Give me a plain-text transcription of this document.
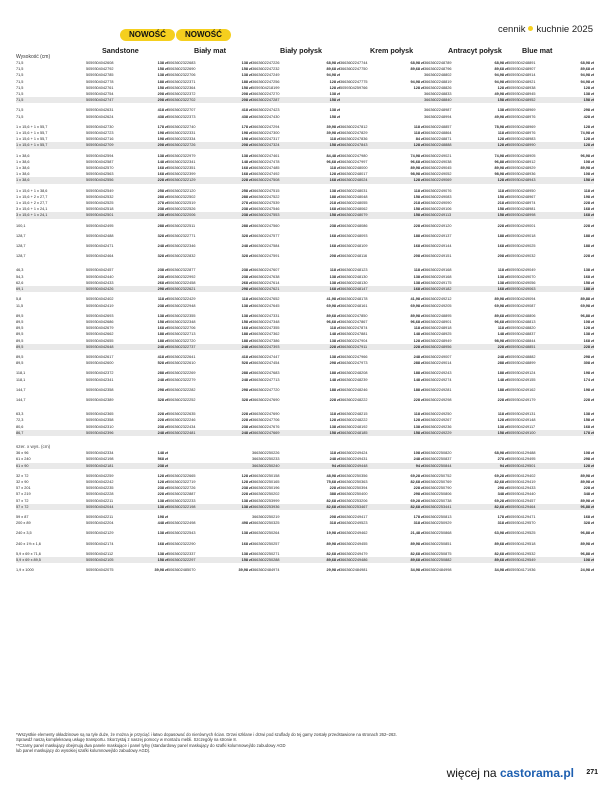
NOWOŚĆ	NOWOŚĆ	cennik kuchnie 2025
Wysokość (cm)
Sandstone	Biały mat	Biały połysk	Krem połysk	Antracyt połysk	Blue mat
71,5	5059304042608	138 zł	5063602322683	138 zł	3663602247226	68,98 zł	3663602247744	68,98 zł	3663602248789	68,98 zł	5059304248891	68,98 zł
71,5	5059304042792	158 zł	5063602322690	158 zł	3663602247232	89,68 zł	3663602247750	89,68 zł	3663602248796	89,68 zł	5059304248907	89,68 zł
71,5	5059304042785	138 zł	5063602322706	138 zł	3663602247249	94,98 zł			3663602248802	94,98 zł	5059304248914	94,98 zł
71,5	5059304042778	188 zł	5063602322371	188 zł	3663602247256	128 zł	3663602247775	94,98 zł	3663602248819	94,98 zł	5059304248921	94,98 zł
71,5	5059304042761	158 zł	5063602322364	158 zł	5059304218199	128 zł	5059304259766	128 zł	3663602248826	128 zł	5059304248938	128 zł
71,5	5059304042754	208 zł	5063602322372	208 zł	3663602247270	138 zł			3663602248833	49,98 zł	5059304248945	138 zł
71,5	5059304042747	208 zł	5063602322702	208 zł	3663602247287	158 zł			3663602248840	158 zł	5059304248952	158 zł

71,5	5059304042631	418 zł	5063602322707	418 zł	3663602247423	138 zł			3663602248987	138 zł	5059304248969	298 zł
71,5	5059304042624	438 zł	5063602322373	438 zł	3663602247430	158 zł			3663602248994	49,98 zł	5059304248976	428 zł

1 x 15,6 + 1 x 55,7	5059304042730	178 zł	5063602322740	178 zł	3663602247294	39,98 zł	3663602247812	118 zł	3663602248857	78,98 zł	5059304248969	128 zł
1 x 15,6 + 1 x 55,7	5059304042723	198 zł	5063602322331	198 zł	3663602247300	39,98 zł	3663602247829	118 zł	3663602248864	118 zł	5059304248976	74,98 zł
1 x 15,6 + 1 x 55,7	5059304042716	198 zł	5063602322334	198 zł	3663602247317	118 zł	3663602247836	84 zł	3663602248871	128 zł	5059304248983	128 zł
1 x 15,6 + 1 x 55,7	5059304042709	208 zł	5063602322726	208 zł	3663602247324	158 zł	3663602247843	128 zł	3663602248888	128 zł	5059304248990	128 zł

1 x 38,6	5059304042594	138 zł	5063602322979	138 zł	3663602247461	84,48 zł	3663602247980	74,98 zł	3663602249021	74,98 zł	5059304248905	96,98 zł
1 x 38,6	5059304042587	148 zł	5063602322341	148 zł	3663602247478	96,68 zł	3663602247997	96,68 zł	3663602249038	96,88 zł	5059304248912	108 zł
1 x 38,6	5059304042570	168 zł	5063602322351	168 zł	3663602247485	118 zł	3663602248000	89,98 zł	3663602249045	89,98 zł	5059304248929	89,98 zł
1 x 38,6	5059304042563	168 zł	5063602322399	168 zł	3663602247492	128 zł	3663602248017	98,98 zł	3663602249052	98,98 zł	5059304248936	108 zł
1 x 38,6	5059304042556	228 zł	5063602322129	228 zł	3663602247508	168 zł	3663602248024	128 zł	3663602249069	128 zł	5059304248943	158 zł

1 x 15,6 + 1 x 38,6	5059304042549	258 zł	5063602322120	258 zł	3663602247515	138 zł	3663602248031	118 zł	3663602249076	118 zł	5059304248950	118 zł
1 x 15,6 + 2 x 27,7	5059304042532	288 zł	5063602322502	288 zł	3663602247522	188 zł	3663602248048	158 zł	3663602249083	158 zł	5059304248967	198 zł
1 x 15,6 + 2 x 27,7	5059304042525	278 zł	5063602322519	278 zł	3663602247539	218 zł	3663602248055	218 zł	3663602249090	218 zł	5059304248974	228 zł
3 x 15,6 + 1 x 24,1	5059304042518	238 zł	5063602322526	238 zł	3663602247546	168 zł	3663602248062	158 zł	3663602249106	158 zł	5059304248981	168 zł
3 x 15,6 + 1 x 24,1	5059304042501	238 zł	5063602322006	238 zł	3663602247553	158 zł	3663602248079	158 zł	3663602249113	158 zł	5059304248998	168 zł

100,1	5059304042495	288 zł	5063602322511	288 zł	3663602247560	238 zł	3663602248086	228 zł	3663602249120	228 zł	5059304249001	228 zł

128,7	5059304042488	328 zł	5063602322771	328 zł	3663602247577	168 zł	3663602248093	188 zł	3663602249137	188 zł	5059304249018	188 zł

128,7	5059304042471	248 zł	5063602322346	248 zł	3663602247584	168 zł	3663602248109	168 zł	3663602249144	168 zł	5059304249025	188 zł

128,7	5059304042464	328 zł	5063602322832	328 zł	3663602247591	208 zł	3663602248116	208 zł	3663602249151	208 zł	5059304249032	228 zł

46,3	5059304042457	238 zł	5063602322877	238 zł	3663602247607	118 zł	3663602248123	118 zł	3663602249168	118 zł	5059304249049	138 zł
54,3	5059304042440	238 zł	5063602322992	238 zł	3663602247638	138 zł	3663602248130	138 zł	3663602249168	138 zł	5059304249070	168 zł
62,6	5059304042433	268 zł	5063602322458	268 zł	3663602247614	138 zł	3663602248130	138 zł	3663602249175	138 zł	5059304249056	158 zł
69,1	5059304042426	298 zł	5063602322621	298 zł	3663602247621	168 zł	3663602248147	168 zł	3663602249182	168 zł	5059304249063	188 zł

5,8	5059304042402	118 zł	5063602322429	118 zł	3663602247652	41,98 zł	3663602248178	41,98 zł	3663602249212	89,98 zł	5059304249094	89,88 zł
11,5	5059304042419	238 zł	5063602322948	138 zł	3663602247645	69,98 zł	3663602248161	69,98 zł	3663602249205	69,98 zł	5059304249087	69,98 zł

89,5	5059304042693	138 zł	5063602322355	138 zł	3663602247331	89,68 zł	3663602247850	89,98 zł	3663602248895	89,68 zł	5059304248806	96,88 zł
89,5	5059304042686	158 zł	5063602322348	158 zł	3663602247348	96,68 zł	3663602247867	96,68 zł	3663602248901	96,68 zł	5059304248813	108 zł
89,5	5059304042679	168 zł	5063602322706	168 zł	3663602247355	118 zł	3663602247874	118 zł	3663602248918	118 zł	5059304248820	128 zł
89,5	5059304042662	188 zł	5063602322713	188 zł	3663602247362	148 zł	3663602247881	148 zł	3663602248925	148 zł	5059304248837	138 zł
89,5	5059304042655	188 zł	5063602322720	188 zł	3663602247386	138 zł	3663602247904	128 zł	3663602248949	98,98 zł	5059304248844	168 zł
89,5	5059304042648	248 zł	5063602322737	248 zł	3663602247393	228 zł	3663602247911	228 zł	3663602248956	228 zł	5059304248851	228 zł

89,5	5059304042617	418 zł	5063602322641	418 zł	3663602247447	138 zł	3663602247966	248 zł	3663602249007	248 zł	5059304248882	298 zł
89,5	5059304042600	528 zł	5063602322610	528 zł	3663602247454	298 zł	3663602247973	288 zł	3663602249014	288 zł	5059304248899	308 zł

118,1	5059304042372	288 zł	5063602322269	288 zł	3663602247683	188 zł	3663602248208	188 zł	3663602249243	188 zł	5059304249124	198 zł
118,1	5059304042341	248 zł	5063602322279	248 zł	3663602247713	148 zł	3663602248239	148 zł	3663602249274	148 zł	5059304249155	174 zł

144,7	5059304042358	298 zł	5063602322282	298 zł	3663602247720	188 zł	3663602248246	188 zł	3663602249281	188 zł	5059304249162	198 zł

144,7	5059304042389	328 zł	5063602322252	328 zł	3663602247690	228 zł	3663602248222	228 zł	3663602249298	228 zł	5059304249179	228 zł

63,3	5059304042365	228 zł	5063602322635	228 zł	3663602247690	118 zł	3663602248215	118 zł	3663602249250	118 zł	5059304249131	138 zł
72,3	5059304042358	228 zł	5063602322246	228 zł	3663602247706	128 zł	3663602248222	128 zł	3663602249267	128 zł	5059304249148	158 zł
80,6	5059304042310	238 zł	5063602322434	238 zł	3663602247676	138 zł	3663602248192	138 zł	3663602249236	138 zł	5059304249117	168 zł
86,7	5059304042396	248 zł	5063602322481	248 zł	3663602247669	158 zł	3663602248185	158 zł	3663602249229	158 zł	5059304249100	178 zł

szer. x wys. (cm)												
36 x 96	5059304042334	148 zł			3663602250226	118 zł	3663602249424	108 zł	3663602250820	68,98 zł	5059304129488	108 zł
61 x 240	5059304042198	568 zł			3663602250233	248 zł	3663602249431	248 zł	3663602250837	278 zł	5059304129495	298 zł
61 x 90	5059304042181	238 zł			3663602250240	94 zł	3663602249448	94 zł	3663602250844	94 zł	5059304129501	128 zł

32 x 72	5059304042259	128 zł	5063602322665	128 zł	3663602250158	48,98 zł	3663602250356	69,28 zł	3663602250752	69,28 zł	5059304129402	89,98 zł
32 x 90	5059304042242	128 zł	5063602322719	128 zł	3663602250165	75,68 zł	3663602250363	82,68 zł	3663602250769	82,68 zł	5059304129419	89,98 zł
57 x 201	5059304042235	238 zł	5063602322726	238 zł	3663602250196	228 zł	3663602250394	228 zł	3663602250790	298 zł	5059304129433	228 zł
57 x 219	5059304042228	228 zł	5063602322887	228 zł	3663602250202	388 zł	3663602250400	298 zł	3663602250806	348 zł	5059304129440	348 zł
57 x 72	5059304042211	138 zł	5063602322233	138 zł	3663602253999	82,68 zł	3663602253206	69,28 zł	3663602250738	69,28 zł	5059304129457	89,98 zł
57 x 72	5059304042044	138 zł	5063602322198	138 zł	3663602253936	82,68 zł	3663602253467	82,68 zł	3663602253441	82,68 zł	5059304129464	96,88 zł

59 x 87	5059304042211	198 zł			3663602250219	208 zł	3663602249417	178 zł	3663602250813	178 zł	5059304129471	168 zł
200 x 89	5059304042204	448 zł	5063602322498	498 zł	3663602250325	318 zł	3663602249523	318 zł	3663602250929	318 zł	5059304129570	328 zł

240 x 3,5	5059304042129	138 zł	5063602322543	138 zł	3663602250264	19,98 zł	3663602249462	21,48 zł	3663602250868	63,98 zł	5059304129525	96,88 zł

240 x 1½ x 1,6	5059304042174	168 zł	5063602322290	168 zł	3663602250257	89,98 zł	3663602249455	89,98 zł	3663602250851	89,68 zł	5059304129518	89,98 zł

5,9 x 69 x 71,6	5059304042112	138 zł	5063602322337	138 zł	3663602250271	82,68 zł	3663602249479	82,68 zł	3663602250875	82,68 zł	5059304129532	96,88 zł
5,9 x 69 x 89,5	5059304042105	158 zł	5063602322297	158 zł	3663602250288	89,68 zł	3663602249486	89,68 zł	3663602250882	89,68 zł	5059304129549	108 zł

1,9 x 1000	5059304042075	39,98 zł	5063602485070	39,98 zł	3663602484974	29,98 zł	3663602484981	34,98 zł	3663602484998	34,98 zł	5059304171936	24,98 zł
*Wszystkie elementy okładzinowe są na tyle duże, że można je przyciąć i łatwo dopasować do nierównych ścian. Drzwi szklane i drzwi pod szuflady do tej gamy zostały przedstawione na stronach 262–263.
Sprawdź naszą kompleksową usługę transportu. Skorzystaj z naszej pomocy w montażu mebli. Szczegóły na stronie 8.
**Czarny panel maskujący obejmują dwa panele maskujące i panel tylny (standardowy panel maskujący do szafki kolumnowej/do zabudowy AGD
lub panel maskujący do wysokiej szafki kolumnowej/do zabudowy AGD).
więcej na castorama.pl 271
